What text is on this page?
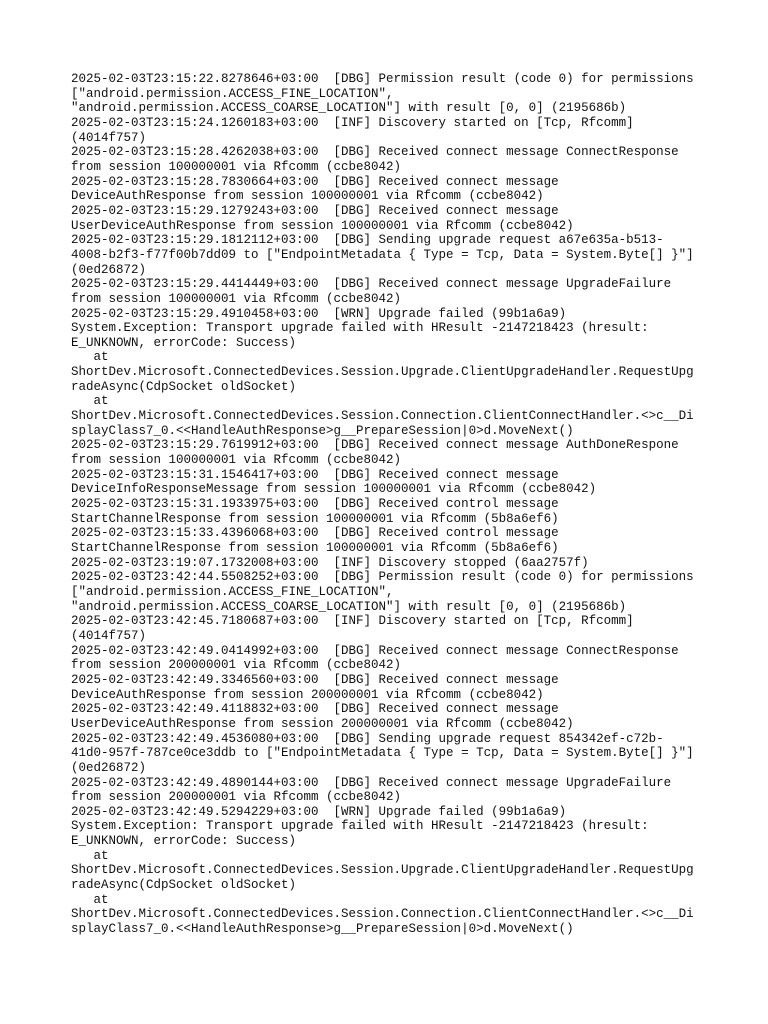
2025-02-03T23:15:22.8278646+03:00  [DBG] Permission result (code 0) for permissions
["android.permission.ACCESS_FINE_LOCATION",
"android.permission.ACCESS_COARSE_LOCATION"] with result [0, 0] (2195686b)
2025-02-03T23:15:24.1260183+03:00  [INF] Discovery started on [Tcp, Rfcomm]
(4014f757)
2025-02-03T23:15:28.4262038+03:00  [DBG] Received connect message ConnectResponse
from session 100000001 via Rfcomm (ccbe8042)
2025-02-03T23:15:28.7830664+03:00  [DBG] Received connect message
DeviceAuthResponse from session 100000001 via Rfcomm (ccbe8042)
2025-02-03T23:15:29.1279243+03:00  [DBG] Received connect message
UserDeviceAuthResponse from session 100000001 via Rfcomm (ccbe8042)
2025-02-03T23:15:29.1812112+03:00  [DBG] Sending upgrade request a67e635a-b513-
4008-b2f3-f77f00b7dd09 to ["EndpointMetadata { Type = Tcp, Data = System.Byte[] }"]
(0ed26872)
2025-02-03T23:15:29.4414449+03:00  [DBG] Received connect message UpgradeFailure
from session 100000001 via Rfcomm (ccbe8042)
2025-02-03T23:15:29.4910458+03:00  [WRN] Upgrade failed (99b1a6a9)
System.Exception: Transport upgrade failed with HResult -2147218423 (hresult:
E_UNKNOWN, errorCode: Success)
at
ShortDev.Microsoft.ConnectedDevices.Session.Upgrade.ClientUpgradeHandler.RequestUpg
radeAsync(CdpSocket oldSocket)
at
ShortDev.Microsoft.ConnectedDevices.Session.Connection.ClientConnectHandler.<>c__Di
splayClass7_0.<<HandleAuthResponse>g__PrepareSession|0>d.MoveNext()
2025-02-03T23:15:29.7619912+03:00  [DBG] Received connect message AuthDoneRespone
from session 100000001 via Rfcomm (ccbe8042)
2025-02-03T23:15:31.1546417+03:00  [DBG] Received connect message
DeviceInfoResponseMessage from session 100000001 via Rfcomm (ccbe8042)
2025-02-03T23:15:31.1933975+03:00  [DBG] Received control message
StartChannelResponse from session 100000001 via Rfcomm (5b8a6ef6)
2025-02-03T23:15:33.4396068+03:00  [DBG] Received control message
StartChannelResponse from session 100000001 via Rfcomm (5b8a6ef6)
2025-02-03T23:19:07.1732008+03:00  [INF] Discovery stopped (6aa2757f)
2025-02-03T23:42:44.5508252+03:00  [DBG] Permission result (code 0) for permissions
["android.permission.ACCESS_FINE_LOCATION",
"android.permission.ACCESS_COARSE_LOCATION"] with result [0, 0] (2195686b)
2025-02-03T23:42:45.7180687+03:00  [INF] Discovery started on [Tcp, Rfcomm]
(4014f757)
2025-02-03T23:42:49.0414992+03:00  [DBG] Received connect message ConnectResponse
from session 200000001 via Rfcomm (ccbe8042)
2025-02-03T23:42:49.3346560+03:00  [DBG] Received connect message
DeviceAuthResponse from session 200000001 via Rfcomm (ccbe8042)
2025-02-03T23:42:49.4118832+03:00  [DBG] Received connect message
UserDeviceAuthResponse from session 200000001 via Rfcomm (ccbe8042)
2025-02-03T23:42:49.4536080+03:00  [DBG] Sending upgrade request 854342ef-c72b-
41d0-957f-787ce0ce3ddb to ["EndpointMetadata { Type = Tcp, Data = System.Byte[] }"]
(0ed26872)
2025-02-03T23:42:49.4890144+03:00  [DBG] Received connect message UpgradeFailure
from session 200000001 via Rfcomm (ccbe8042)
2025-02-03T23:42:49.5294229+03:00  [WRN] Upgrade failed (99b1a6a9)
System.Exception: Transport upgrade failed with HResult -2147218423 (hresult:
E_UNKNOWN, errorCode: Success)
at
ShortDev.Microsoft.ConnectedDevices.Session.Upgrade.ClientUpgradeHandler.RequestUpg
radeAsync(CdpSocket oldSocket)
at
ShortDev.Microsoft.ConnectedDevices.Session.Connection.ClientConnectHandler.<>c__Di
splayClass7_0.<<HandleAuthResponse>g__PrepareSession|0>d.MoveNext()
